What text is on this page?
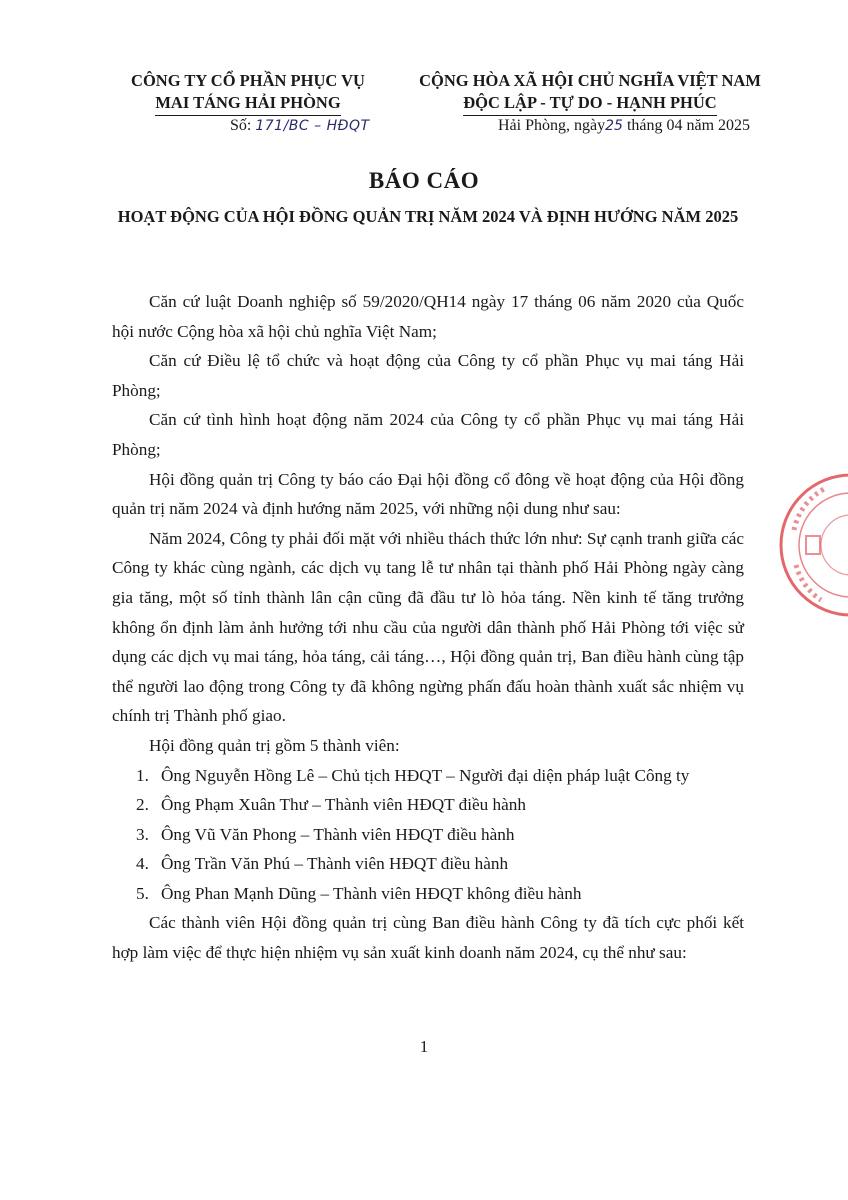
CÔNG TY CỔ PHẦN PHỤC VỤ
MAI TÁNG HẢI PHÒNG
Số: 171/BC – HĐQT
CỘNG HÒA XÃ HỘI CHỦ NGHĨA VIỆT NAM
ĐỘC LẬP - TỰ DO - HẠNH PHÚC
Hải Phòng, ngày25 tháng 04 năm 2025
BÁO CÁO
HOẠT ĐỘNG CỦA HỘI ĐỒNG QUẢN TRỊ NĂM 2024 VÀ ĐỊNH HƯỚNG NĂM 2025

Căn cứ luật Doanh nghiệp số 59/2020/QH14 ngày 17 tháng 06 năm 2020 của Quốc hội nước Cộng hòa xã hội chủ nghĩa Việt Nam;

Căn cứ Điều lệ tổ chức và hoạt động của Công ty cổ phần Phục vụ mai táng Hải Phòng;

Căn cứ tình hình hoạt động năm 2024 của Công ty cổ phần Phục vụ mai táng Hải Phòng;

Hội đồng quản trị Công ty báo cáo Đại hội đồng cổ đông về hoạt động của Hội đồng quản trị năm 2024 và định hướng năm 2025, với những nội dung như sau:

Năm 2024, Công ty phải đối mặt với nhiều thách thức lớn như: Sự cạnh tranh giữa các Công ty khác cùng ngành, các dịch vụ tang lễ tư nhân tại thành phố Hải Phòng ngày càng gia tăng, một số tỉnh thành lân cận cũng đã đầu tư lò hỏa táng. Nền kinh tế tăng trưởng không ổn định làm ảnh hưởng tới nhu cầu của người dân thành phố Hải Phòng tới việc sử dụng các dịch vụ mai táng, hỏa táng, cải táng…, Hội đồng quản trị, Ban điều hành cùng tập thể người lao động trong Công ty đã không ngừng phấn đấu hoàn thành xuất sắc nhiệm vụ chính trị Thành phố giao.

Hội đồng quản trị gồm 5 thành viên:

1. Ông Nguyễn Hồng Lê – Chủ tịch HĐQT – Người đại diện pháp luật Công ty
2. Ông Phạm Xuân Thư – Thành viên HĐQT điều hành
3. Ông Vũ Văn Phong – Thành viên HĐQT điều hành
4. Ông Trần Văn Phú – Thành viên HĐQT điều hành
5. Ông Phan Mạnh Dũng – Thành viên HĐQT không điều hành

Các thành viên Hội đồng quản trị cùng Ban điều hành Công ty đã tích cực phối kết hợp làm việc để thực hiện nhiệm vụ sản xuất kinh doanh năm 2024, cụ thể như sau:

1
